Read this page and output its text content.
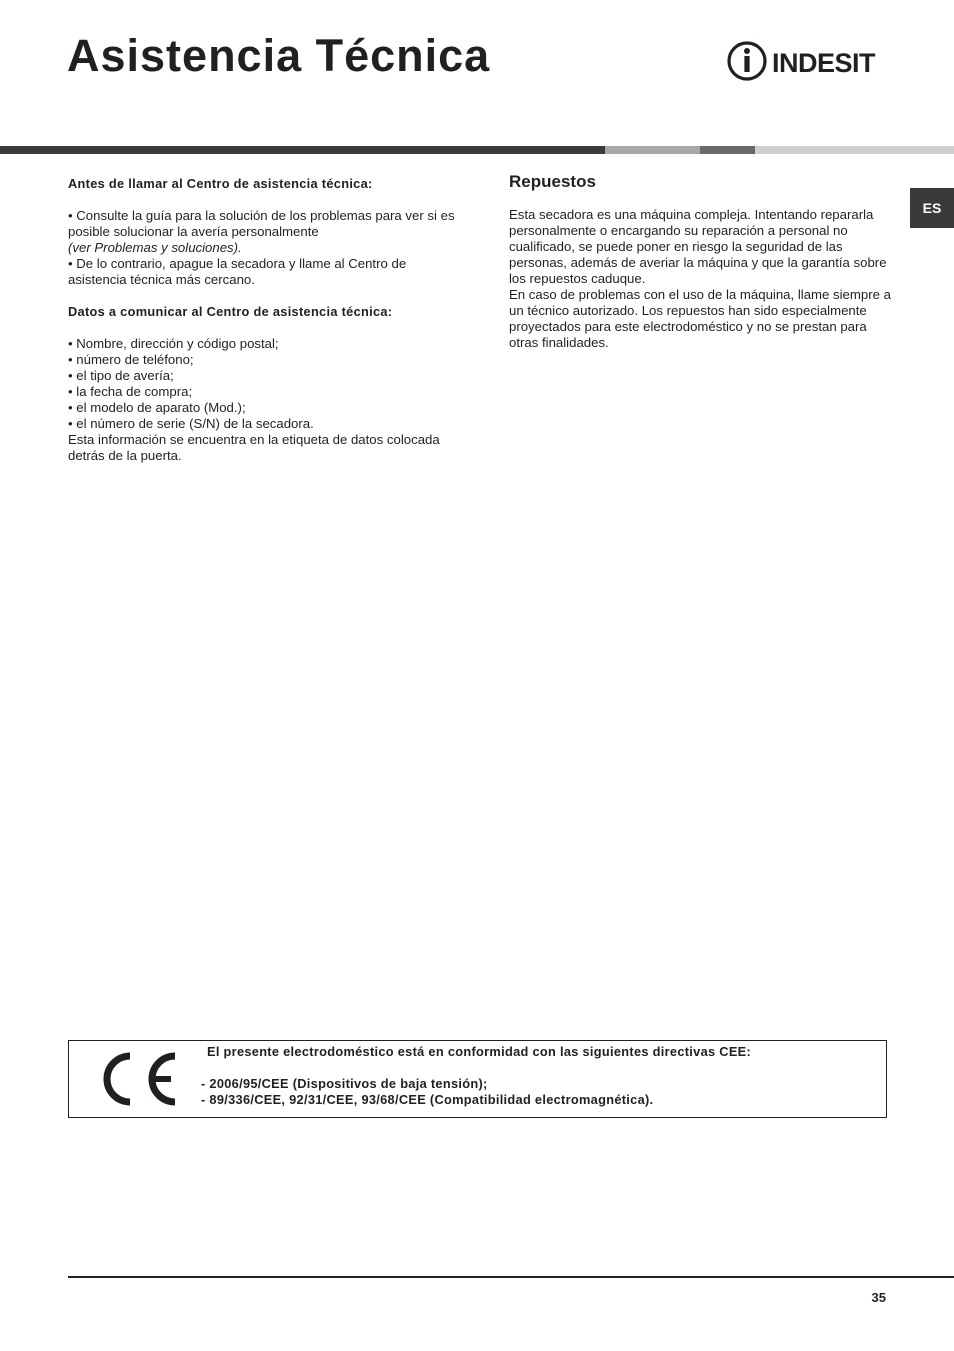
Asistencia Técnica	INDESIT
ES

Antes de llamar al Centro de asistencia técnica:

• Consulte la guía para la solución de los problemas para ver si es posible solucionar la avería personalmente
(ver Problemas y soluciones).

• De lo contrario, apague la secadora y llame al Centro de asistencia técnica más cercano.

Datos a comunicar al Centro de asistencia técnica:

• Nombre, dirección y código postal;

• número de teléfono;

• el tipo de avería;

• la fecha de compra;

• el modelo de aparato (Mod.);

• el número de serie (S/N) de la secadora.

Esta información se encuentra en la etiqueta de datos colocada detrás de la puerta.

Repuestos

Esta secadora es una máquina compleja. Intentando repararla personalmente o encargando su reparación a personal no cualificado, se puede poner en riesgo la seguridad de las personas, además de averiar la máquina y que la garantía sobre los repuestos caduque.

En caso de problemas con el uso de la máquina, llame siempre a un técnico autorizado. Los repuestos han sido especialmente proyectados para este electrodoméstico y no se prestan para otras finalidades.

El presente electrodoméstico está en conformidad con las siguientes directivas CEE:
- 2006/95/CEE (Dispositivos de baja tensión);
- 89/336/CEE, 92/31/CEE, 93/68/CEE (Compatibilidad electromagnética).
35
